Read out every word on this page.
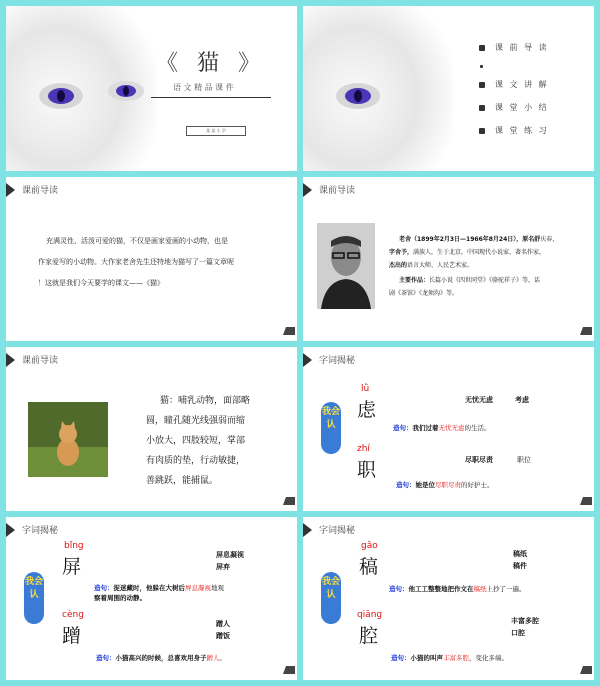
《 猫 》
语 文 精 品 课 件
某 某 小 学
课 前 导 读
课 文 讲 解
课 堂 小 结
课 堂 练 习
课前导读
充满灵性、活泼可爱的猫，不仅是画家爱画的小动物，也是
作家爱写的小动物。大作家老舍先生还特地为猫写了一篇文章呢
！这就是我们今天要学的课文——《猫》
课前导读
老舍（1899年2月3日—1966年8月24日），原名舒庆春，
字舍予，满族人，生于北京，中国现代小说家、著名作家，
杰出的语言大师、人民艺术家。
主要作品：长篇小说《四世同堂》《骆驼祥子》等，话
剧《茶馆》《龙须沟》等。
课前导读
猫：哺乳动物，面部略
圆，瞳孔随光线强弱而缩
小放大，四肢较短，掌部
有肉质的垫，行动敏捷，
善跳跃，能捕鼠。
字词揭秘
我会认
lǜ
虑	无忧无虑	考虑
造句：我们过着无忧无虑的生活。
zhí
职	尽职尽责	职位
造句：她是位尽职尽责的好护士。
字词揭秘
我会认
bǐng
屏
屏息凝视
屏弃
造句：捉迷藏时，他躲在大树后屏息凝视地观
察着周围的动静。
cèng
蹭
蹭人
蹭饭
造句：小猫高兴的时候，总喜欢用身子蹭人。
字词揭秘
我会认
gǎo
稿
稿纸
稿件
造句：他工工整整地把作文在稿纸上抄了一遍。
qiāng
腔
丰富多腔
口腔
造句：小猫的叫声丰富多腔，变化多端。
